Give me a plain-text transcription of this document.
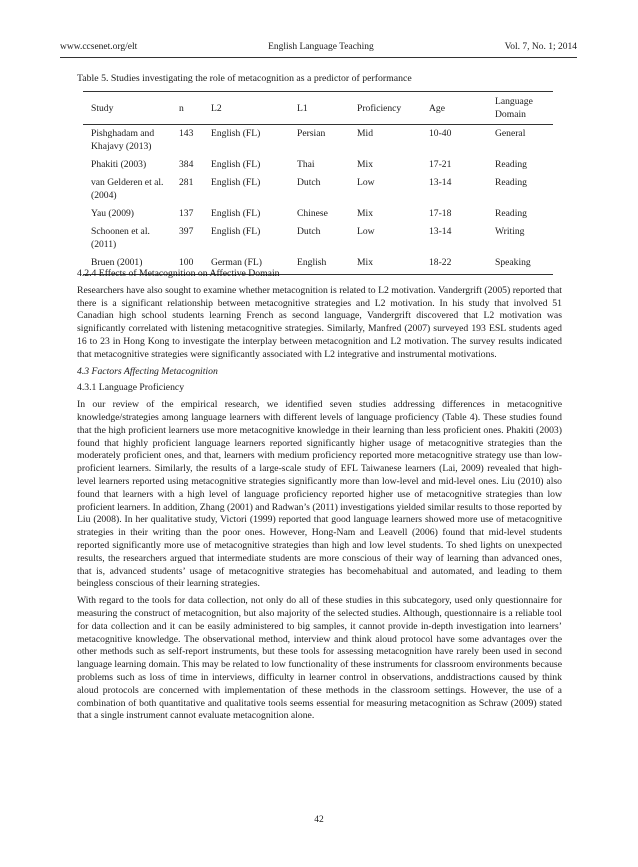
www.ccsenet.org/elt	English Language Teaching	Vol. 7, No. 1; 2014
Table 5. Studies investigating the role of metacognition as a predictor of performance
Study	n	L2	L1	Proficiency	Age	Language Domain
Pishghadam and Khajavy (2013)	143	English (FL)	Persian	Mid	10-40	General
Phakiti (2003)	384	English (FL)	Thai	Mix	17-21	Reading
van Gelderen et al. (2004)	281	English (FL)	Dutch	Low	13-14	Reading
Yau (2009)	137	English (FL)	Chinese	Mix	17-18	Reading
Schoonen et al. (2011)	397	English (FL)	Dutch	Low	13-14	Writing
Bruen (2001)	100	German (FL)	English	Mix	18-22	Speaking
4.2.4 Effects of Metacognition on Affective Domain

Researchers have also sought to examine whether metacognition is related to L2 motivation. Vandergrift (2005) reported that there is a significant relationship between metacognitive strategies and L2 motivation. In his study that involved 51 Canadian high school students learning French as second language, Vandergrift discovered that L2 motivation was significantly correlated with listening metacognitive strategies. Similarly, Manfred (2007) surveyed 193 ESL students aged 16 to 23 in Hong Kong to investigate the interplay between metacognition and L2 motivation. The survey results indicated that metacognitive strategies were significantly associated with L2 integrative and instrumental motivations.

4.3 Factors Affecting Metacognition
4.3.1 Language Proficiency

In our review of the empirical research, we identified seven studies addressing differences in metacognitive knowledge/strategies among language learners with different levels of language proficiency (Table 4). These studies found that the high proficient learners use more metacognitive knowledge in their learning than less proficient ones. Phakiti (2003) found that highly proficient language learners reported significantly higher usage of metacognitive strategies than the moderately proficient ones, and that, learners with medium proficiency reported more metacognitive strategy use than low-proficient learners. Similarly, the results of a large-scale study of EFL Taiwanese learners (Lai, 2009) revealed that high-level learners reported using metacognitive strategies significantly more than low-level and mid-level ones. Liu (2010) also found that learners with a high level of language proficiency reported higher use of metacognitive strategies than low proficient learners. In addition, Zhang (2001) and Radwan’s (2011) investigations yielded similar results to those reported by Liu (2008). In her qualitative study, Victori (1999) reported that good language learners showed more use of metacognitive strategies in their writing than the poor ones. However, Hong-Nam and Leavell (2006) found that mid-level students reported significantly more use of metacognitive strategies than high and low level students. To shed lights on unexpected results, the researchers argued that intermediate students are more conscious of their way of learning than advanced ones, that is, advanced students’ usage of metacognitive strategies has becomehabitual and automated, and leading to them beingless conscious of their learning strategies.

With regard to the tools for data collection, not only do all of these studies in this subcategory, used only questionnaire for measuring the construct of metacognition, but also majority of the selected studies. Although, questionnaire is a reliable tool for data collection and it can be easily administered to big samples, it cannot provide in-depth investigation into learners’ metacognitive knowledge. The observational method, interview and think aloud protocol have some advantages over the other methods such as self-report instruments, but these tools for assessing metacognition have rarely been used in second language learning domain. This may be related to low functionality of these instruments for classroom environments because problems such as loss of time in interviews, difficulty in learner control in observations, anddistractions caused by think aloud protocols are concerned with implementation of these methods in the classroom settings. However, the use of a combination of both quantitative and qualitative tools seems essential for measuring metacognition as Schraw (2009) stated that a single instrument cannot evaluate metacognition alone.

42
